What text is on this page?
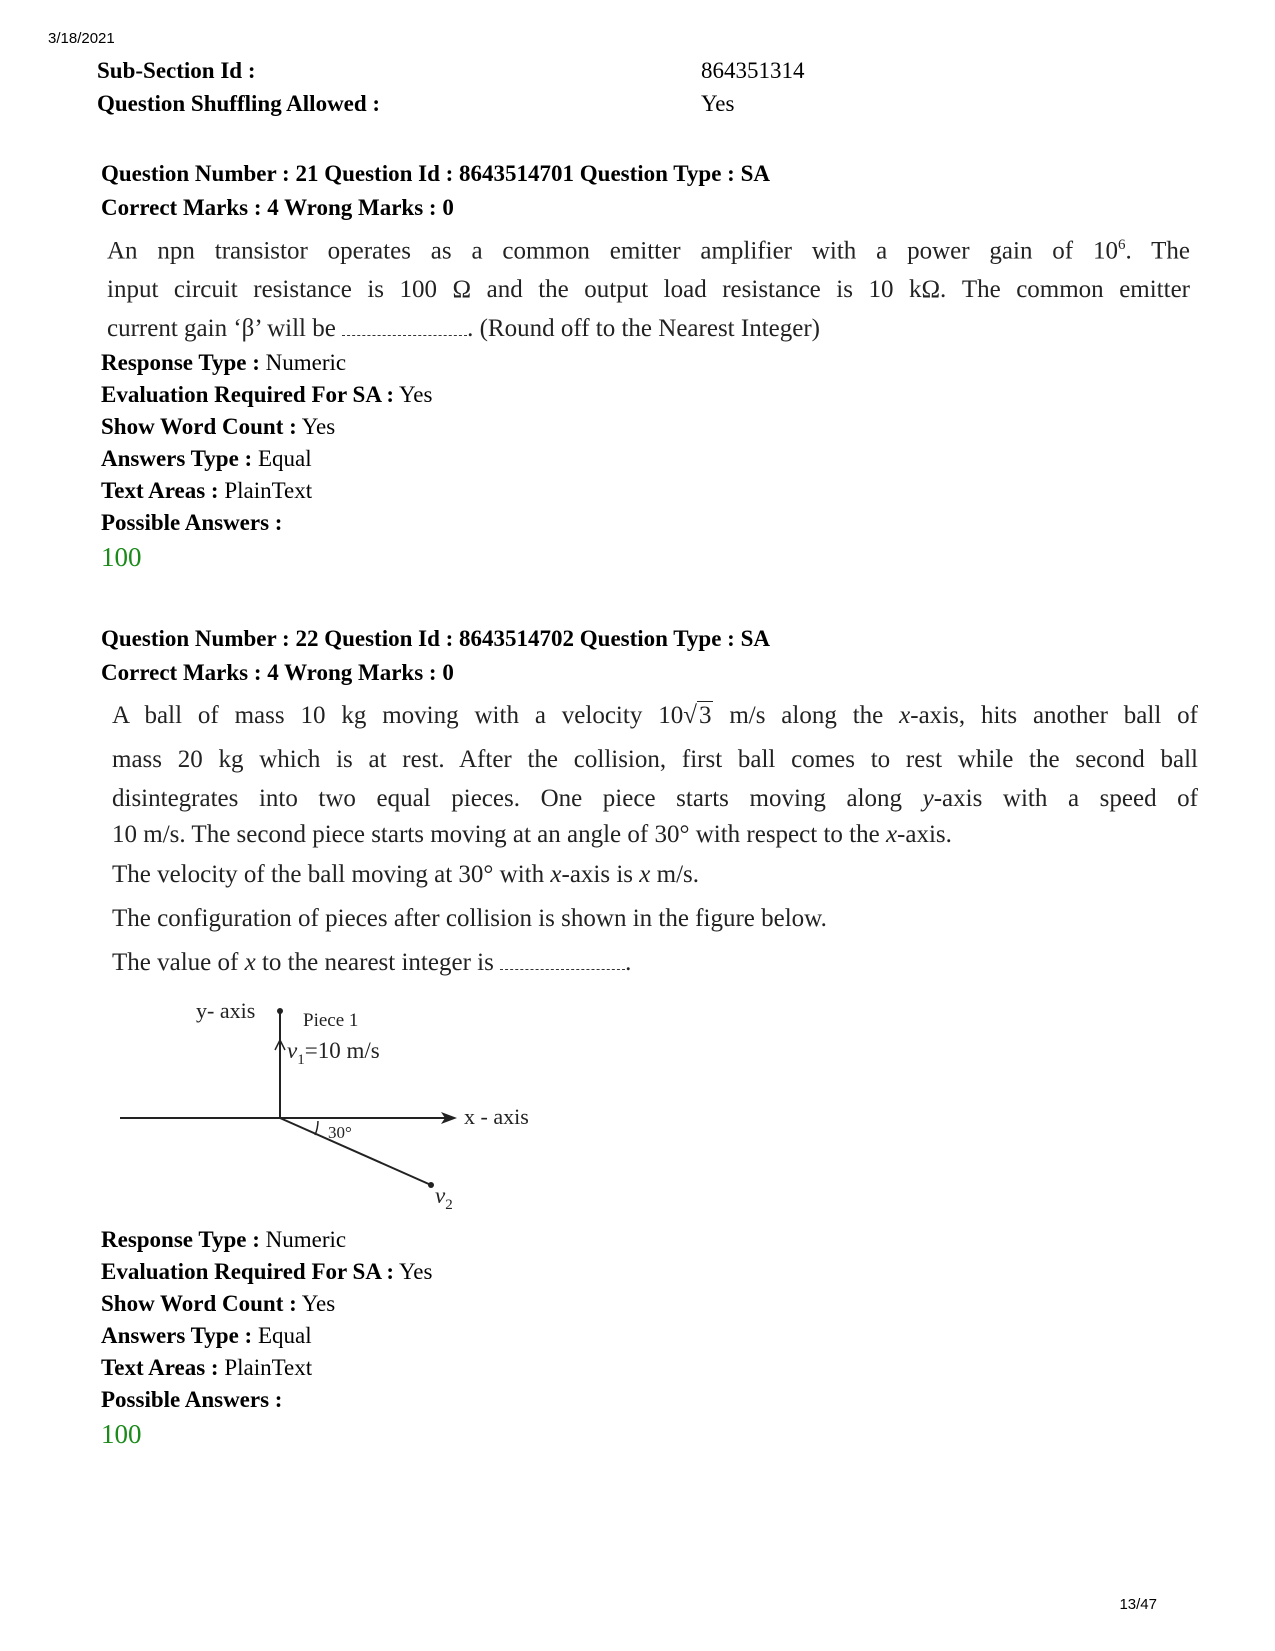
3/18/2021
Sub-Section Id :	864351314
Question Shuffling Allowed :	Yes
Question Number : 21 Question Id : 8643514701 Question Type : SA
Correct Marks : 4 Wrong Marks : 0

An npn transistor operates as a common emitter amplifier with a power gain of $10^6$. The

input circuit resistance is 100 Ω and the output load resistance is 10 kΩ. The common emitter

current gain ‘β’ will be	. (Round off to the Nearest Integer)

Response Type : Numeric
Evaluation Required For SA : Yes
Show Word Count : Yes
Answers Type : Equal
Text Areas : PlainText
Possible Answers :
100
Question Number : 22 Question Id : 8643514702 Question Type : SA
Correct Marks : 4 Wrong Marks : 0

A ball of mass 10 kg moving with a velocity 10√3 m/s along the x-axis, hits another ball of

mass 20 kg which is at rest. After the collision, first ball comes to rest while the second ball

disintegrates into two equal pieces. One piece starts moving along y-axis with a speed of

10 m/s. The second piece starts moving at an angle of 30° with respect to the x-axis.

The velocity of the ball moving at 30° with x-axis is x m/s.

The configuration of pieces after collision is shown in the figure below.

The value of x to the nearest integer is	.

y- axis	Piece 1
$v_1=10$ m/s
x - axis
30°
$v_2$
Response Type : Numeric
Evaluation Required For SA : Yes
Show Word Count : Yes
Answers Type : Equal
Text Areas : PlainText
Possible Answers :
100
13/47
